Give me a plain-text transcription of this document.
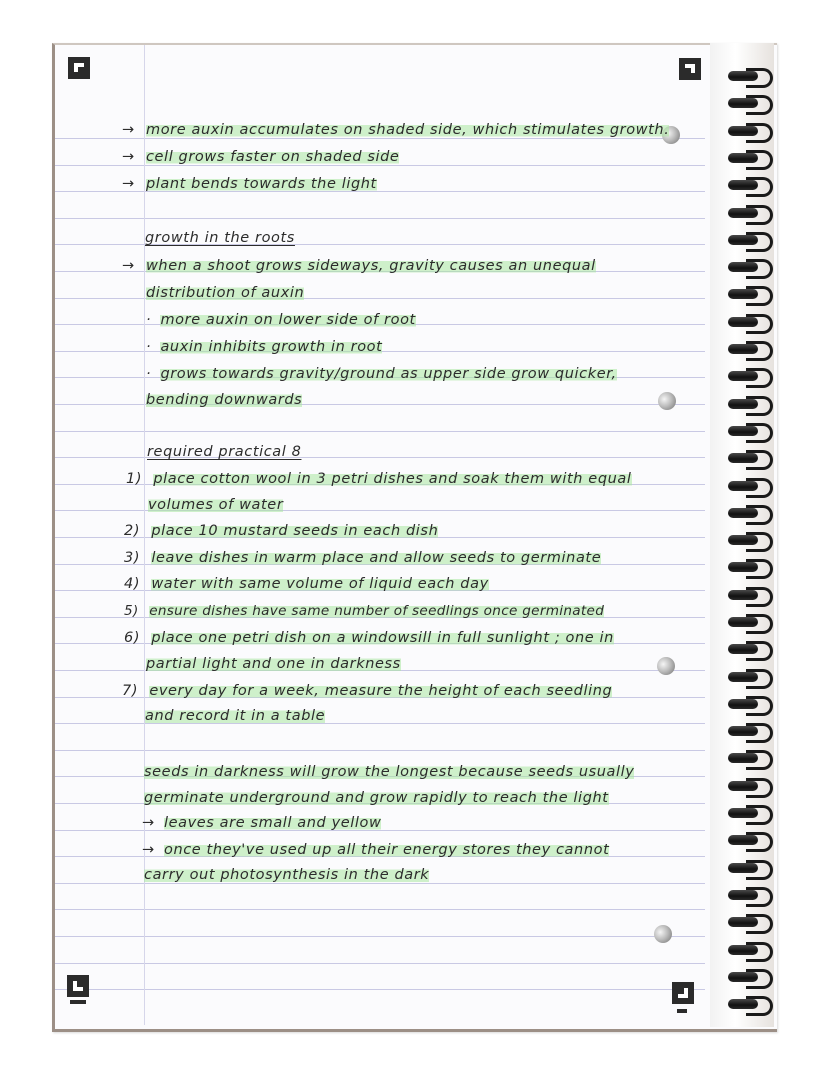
→ more auxin accumulates on shaded side, which stimulates growth.
→ cell grows faster on shaded side
→ plant bends towards the light
growth in the roots
→ when a shoot grows sideways, gravity causes an unequal
distribution of auxin
· more auxin on lower side of root
· auxin inhibits growth in root
· grows towards gravity/ground as upper side grow quicker,
bending downwards
required practical 8
1) place cotton wool in 3 petri dishes and soak them with equal
volumes of water
2) place 10 mustard seeds in each dish
3) leave dishes in warm place and allow seeds to germinate
4) water with same volume of liquid each day
5) ensure dishes have same number of seedlings once germinated
6) place one petri dish on a windowsill in full sunlight ; one in
partial light and one in darkness
7) every day for a week, measure the height of each seedling
and record it in a table
seeds in darkness will grow the longest because seeds usually
germinate underground and grow rapidly to reach the light
→ leaves are small and yellow
→ once they've used up all their energy stores they cannot
carry out photosynthesis in the dark
